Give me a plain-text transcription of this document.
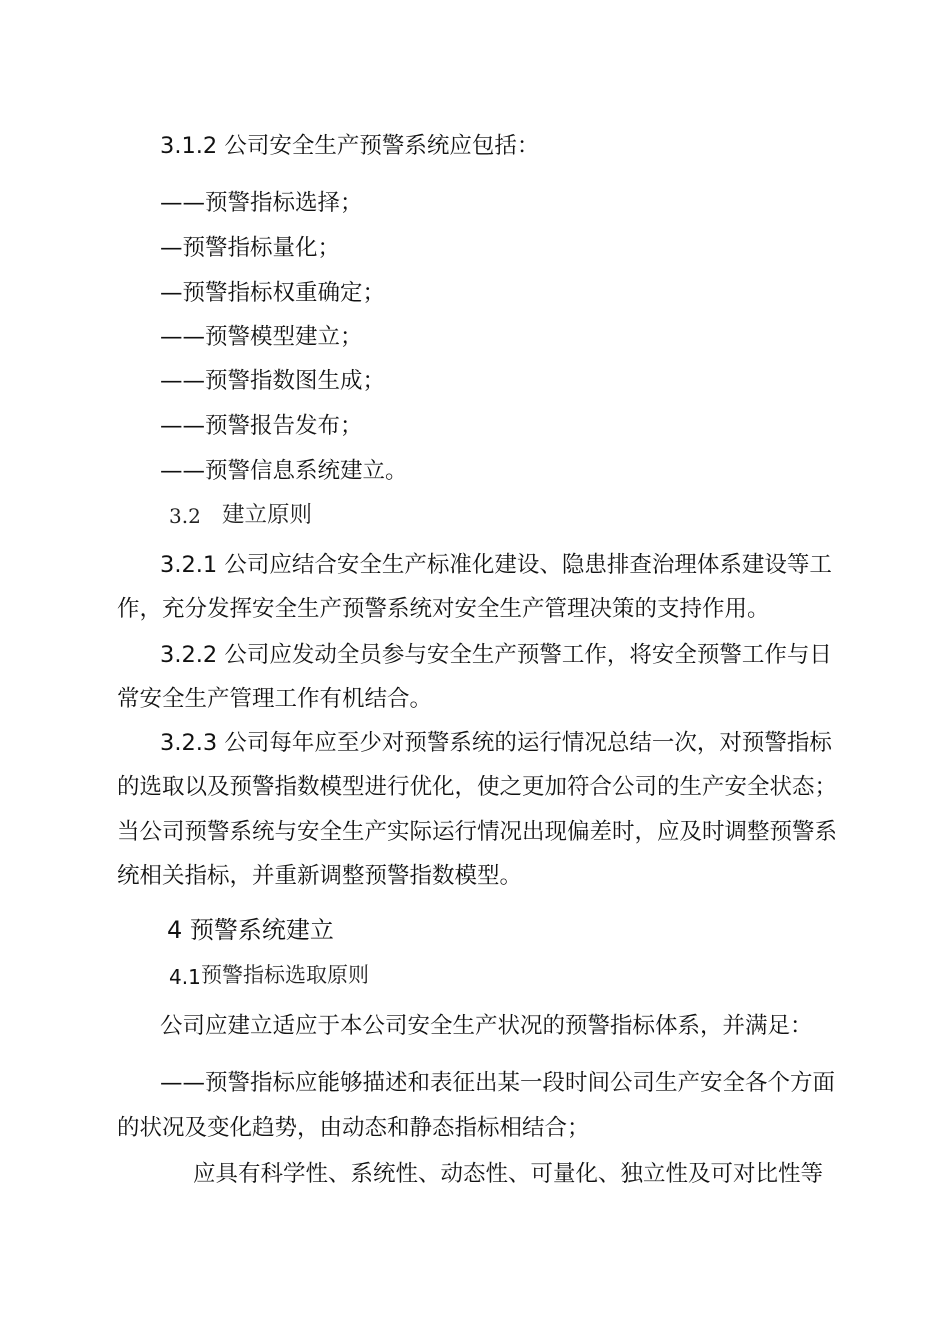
3.1.2 公司安全生产预警系统应包括：
——预警指标选择；
—预警指标量化；
—预警指标权重确定；
——预警模型建立；
——预警指数图生成；
——预警报告发布；
——预警信息系统建立。
3.2 建立原则
3.2.1 公司应结合安全生产标准化建设、隐患排查治理体系建设等工
作，充分发挥安全生产预警系统对安全生产管理决策的支持作用。
3.2.2 公司应发动全员参与安全生产预警工作，将安全预警工作与日
常安全生产管理工作有机结合。
3.2.3 公司每年应至少对预警系统的运行情况总结一次，对预警指标
的选取以及预警指数模型进行优化，使之更加符合公司的生产安全状态；
当公司预警系统与安全生产实际运行情况出现偏差时，应及时调整预警系
统相关指标，并重新调整预警指数模型。
4 预警系统建立
4.1 预警指标选取原则
公司应建立适应于本公司安全生产状况的预警指标体系，并满足：
——预警指标应能够描述和表征出某一段时间公司生产安全各个方面
的状况及变化趋势，由动态和静态指标相结合；
应具有科学性、系统性、动态性、可量化、独立性及可对比性等
